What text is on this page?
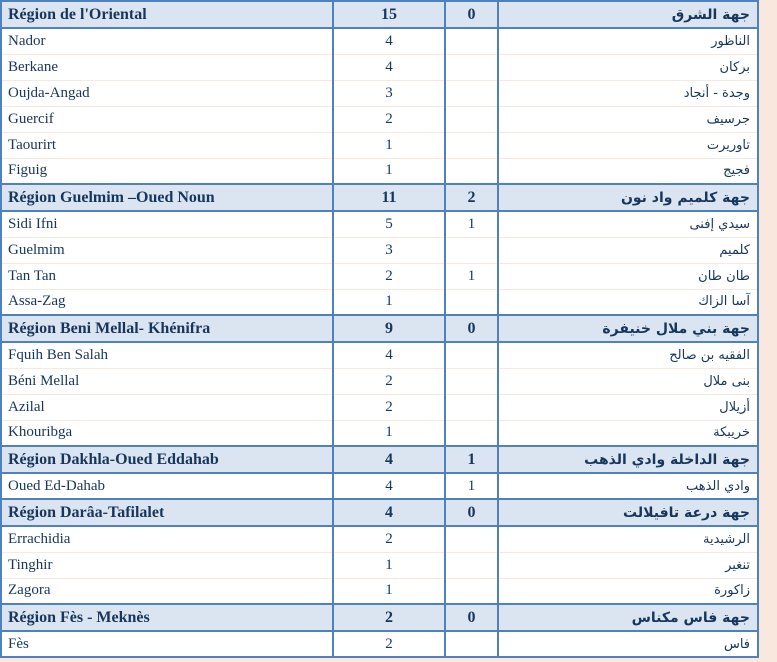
Région de l'Oriental	15	0	جهة الشرق
Nador	4		الناظور
Berkane	4		بركان
Oujda-Angad	3		وجدة - أنجاد
Guercif	2		جرسيف
Taourirt	1		تاوريرت
Figuig	1		فجيج
Région Guelmim –Oued Noun	11	2	جهة كلميم واد نون
Sidi Ifni	5	1	سيدي إفنى
Guelmim	3		كلميم
Tan Tan	2	1	طان طان
Assa-Zag	1		آسا الزاك
Région Beni Mellal- Khénifra	9	0	جهة بني ملال خنيفرة
Fquih Ben Salah	4		الفقيه بن صالح
Béni Mellal	2		بنى ملال
Azilal	2		أزيلال
Khouribga	1		خريبكة
Région Dakhla-Oued Eddahab	4	1	جهة الداخلة وادي الذهب
Oued Ed-Dahab	4	1	وادي الذهب
Région Darâa-Tafilalet	4	0	جهة درعة تافيلالت
Errachidia	2		الرشيدية
Tinghir	1		تنغير
Zagora	1		زاكورة
Région Fès - Meknès	2	0	جهة فاس مكناس
Fès	2		فاس
